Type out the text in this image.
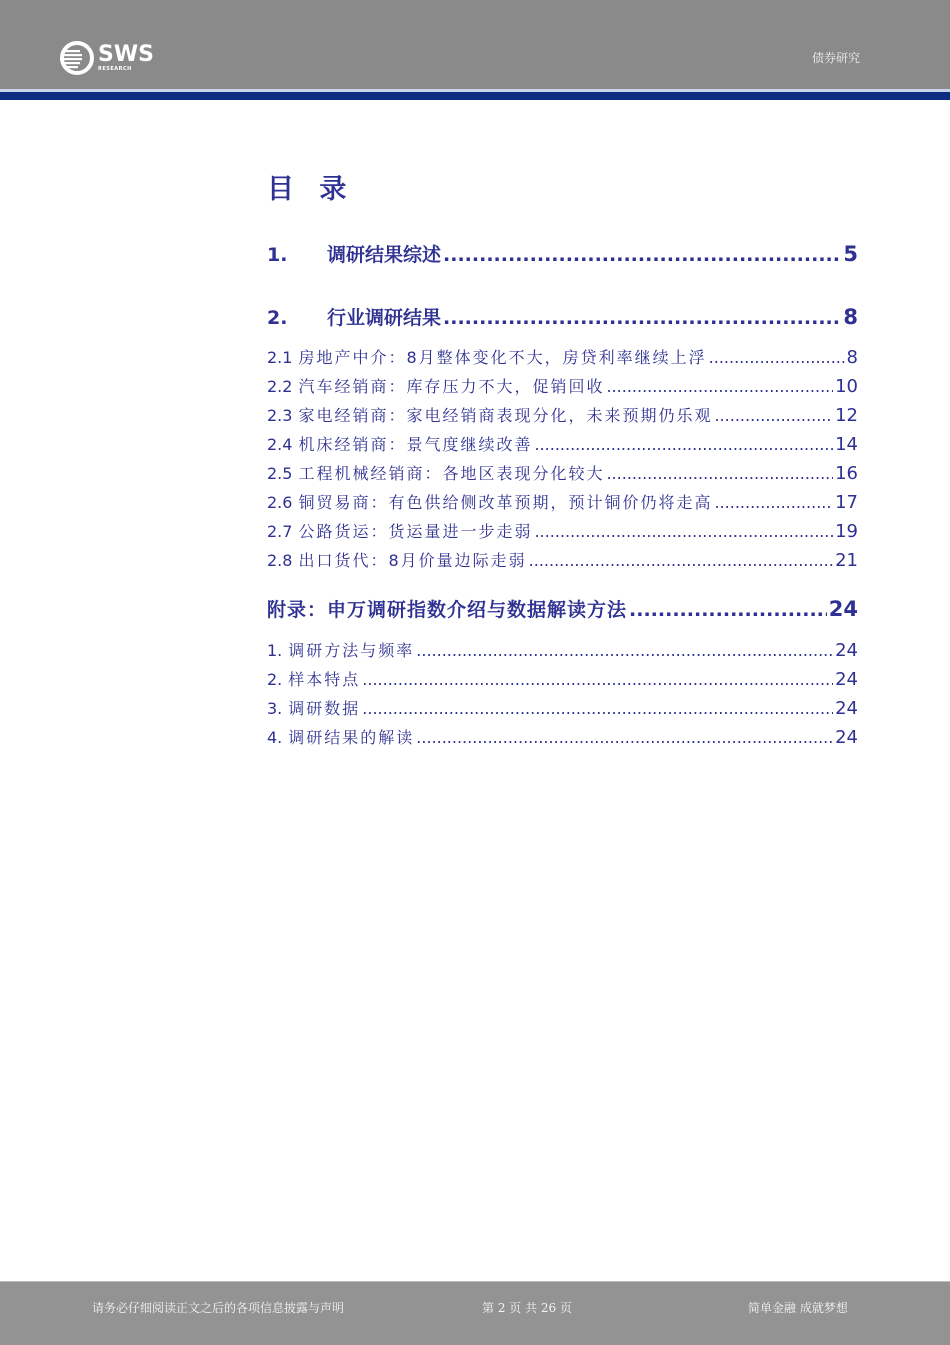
SWS
RESEARCH
债券研究
目 录
1.	调研结果综述 .....	5
2.	行业调研结果 .....	8
2.1 房地产中介：8月整体变化不大，房贷利率继续上浮 .....	8
2.2 汽车经销商：库存压力不大，促销回收 .....	10
2.3 家电经销商：家电经销商表现分化，未来预期仍乐观 .....	12
2.4 机床经销商：景气度继续改善 .....	14
2.5 工程机械经销商：各地区表现分化较大 .....	16
2.6 铜贸易商：有色供给侧改革预期，预计铜价仍将走高 .....	17
2.7 公路货运：货运量进一步走弱 .....	19
2.8 出口货代：8月价量边际走弱 .....	21
附录：申万调研指数介绍与数据解读方法 .....	24
1. 调研方法与频率 .....	24
2. 样本特点 .....	24
3. 调研数据 .....	24
4. 调研结果的解读 .....	24
请务必仔细阅读正文之后的各项信息披露与声明	第 2 页 共 26 页	简单金融 成就梦想
